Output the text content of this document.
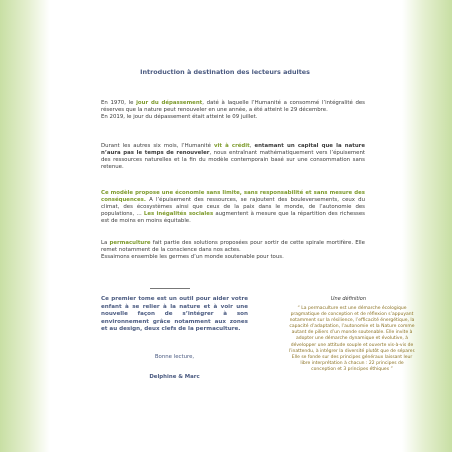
Introduction à destination des lecteurs adultes

En 1970, le jour du dépassement, daté à laquelle l’Humanité a consommé l’intégralité des réserves que la nature peut renouveler en une année, a été atteint le 29 décembre.

En 2019, le jour du dépassement était atteint le 09 juillet.

Durant les autres six mois, l’Humanité vit à crédit, entamant un capital que la nature n’aura pas le temps de renouveler, nous entraînant mathématiquement vers l’épuisement des ressources naturelles et la fin du modèle contemporain basé sur une consommation sans retenue.

Ce modèle propose une économie sans limite, sans responsabilité et sans mesure des conséquences. A l’épuisement des ressources, se rajoutent des bouleversements, ceux du climat, des écosystèmes ainsi que ceux de la paix dans le monde, de l’autonomie des populations, … Les inégalités sociales augmentent à mesure que la répartition des richesses est de moins en moins équitable.

La permaculture fait partie des solutions proposées pour sortir de cette spirale mortifère. Elle remet notamment de la conscience dans nos actes.

Essaimons ensemble les germes d’un monde soutenable pour tous.

Ce premier tome est un outil pour aider votre enfant à se relier à la nature et à voir une nouvelle façon de s’intégrer à son environnement grâce notamment aux zones et au design, deux clefs de la permaculture.
Bonne lecture,
Delphine & Marc
Une définition
“ La permaculture est une démarche écologique pragmatique de conception et de réflexion s’appuyant notamment sur la résilience, l’efficacité énergétique, la capacité d’adaptation, l’autonomie et la Nature comme autant de piliers d’un monde soutenable. Elle invite à adopter une démarche dynamique et évolutive, à développer une attitude souple et ouverte vis-à-vis de l’inattendu, à intégrer la diversité plutôt que de séparer. Elle se fonde sur des principes généraux laissant leur libre interprétation à chacun : 22 principes de conception et 3 principes éthiques ”
